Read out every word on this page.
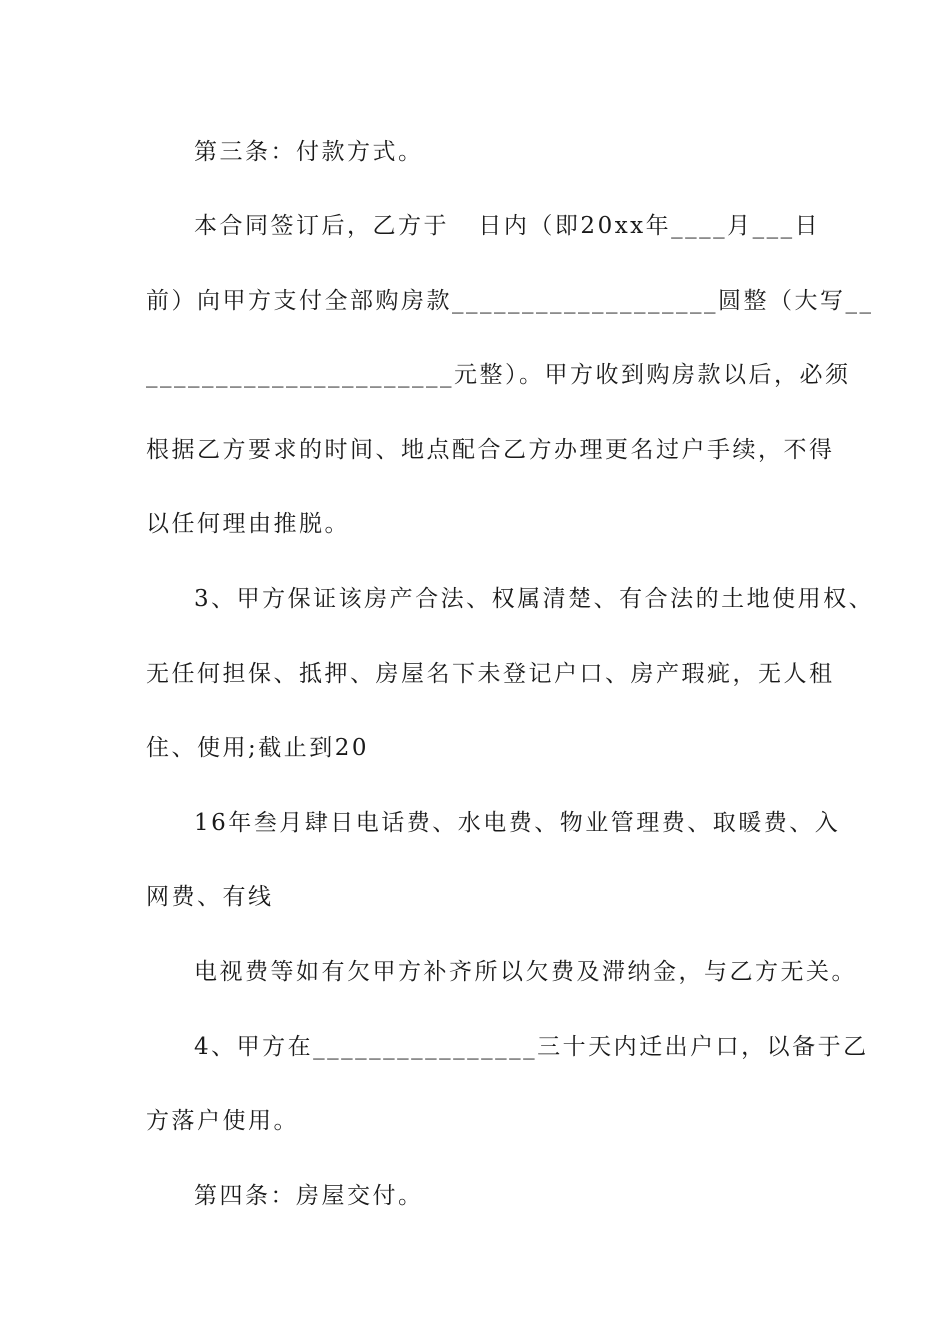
第三条：付款方式。
本合同签订后，乙方于   日内（即20xx年____月___日
前）向甲方支付全部购房款___________________圆整（大写__
______________________元整）。甲方收到购房款以后，必须
根据乙方要求的时间、地点配合乙方办理更名过户手续，不得
以任何理由推脱。
3、甲方保证该房产合法、权属清楚、有合法的土地使用权、
无任何担保、抵押、房屋名下未登记户口、房产瑕疵，无人租
住、使用;截止到20
16年叁月肆日电话费、水电费、物业管理费、取暖费、入
网费、有线
电视费等如有欠甲方补齐所以欠费及滞纳金，与乙方无关。
4、甲方在________________三十天内迁出户口，以备于乙
方落户使用。
第四条：房屋交付。
